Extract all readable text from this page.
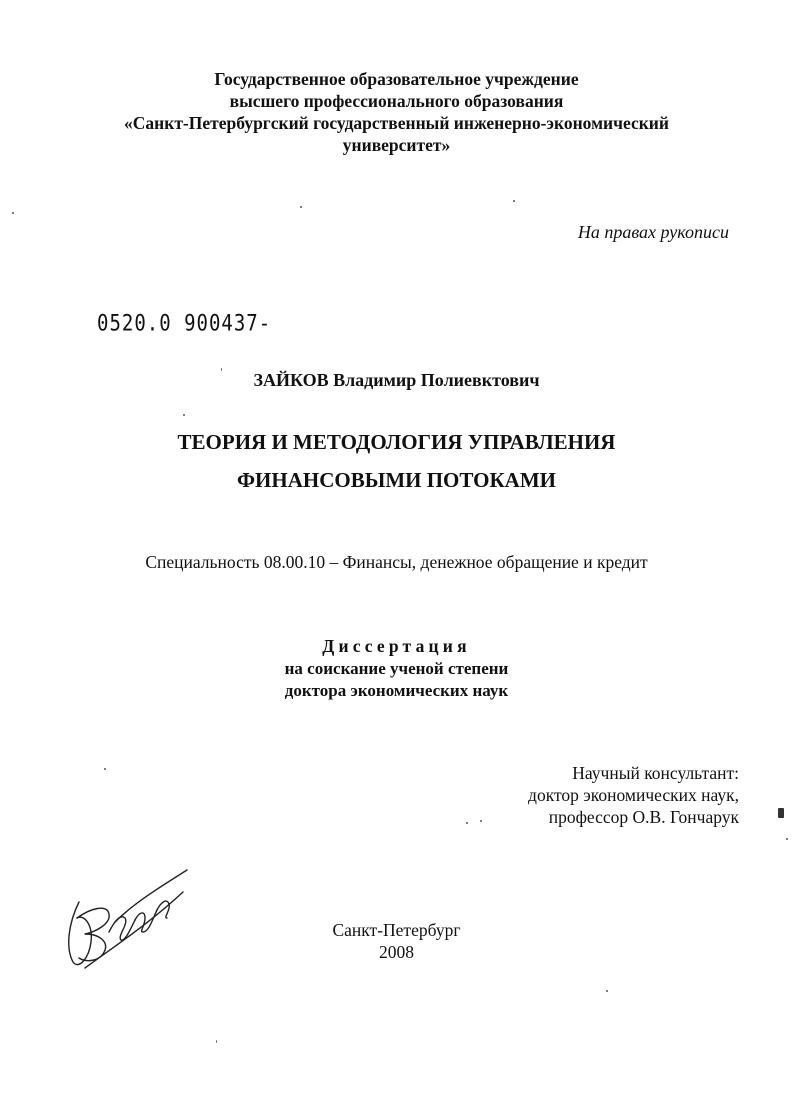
Государственное образовательное учреждение
высшего профессионального образования
«Санкт-Петербургский государственный инженерно-экономический
университет»
На правах рукописи
0520.0 900437-
ЗАЙКОВ Владимир Полиевктович
ТЕОРИЯ И МЕТОДОЛОГИЯ УПРАВЛЕНИЯ
ФИНАНСОВЫМИ ПОТОКАМИ
Специальность 08.00.10 – Финансы, денежное обращение и кредит
Диссертация
на соискание ученой степени
доктора экономических наук
Научный консультант:
доктор экономических наук,
профессор О.В. Гончарук
Санкт-Петербург
2008
